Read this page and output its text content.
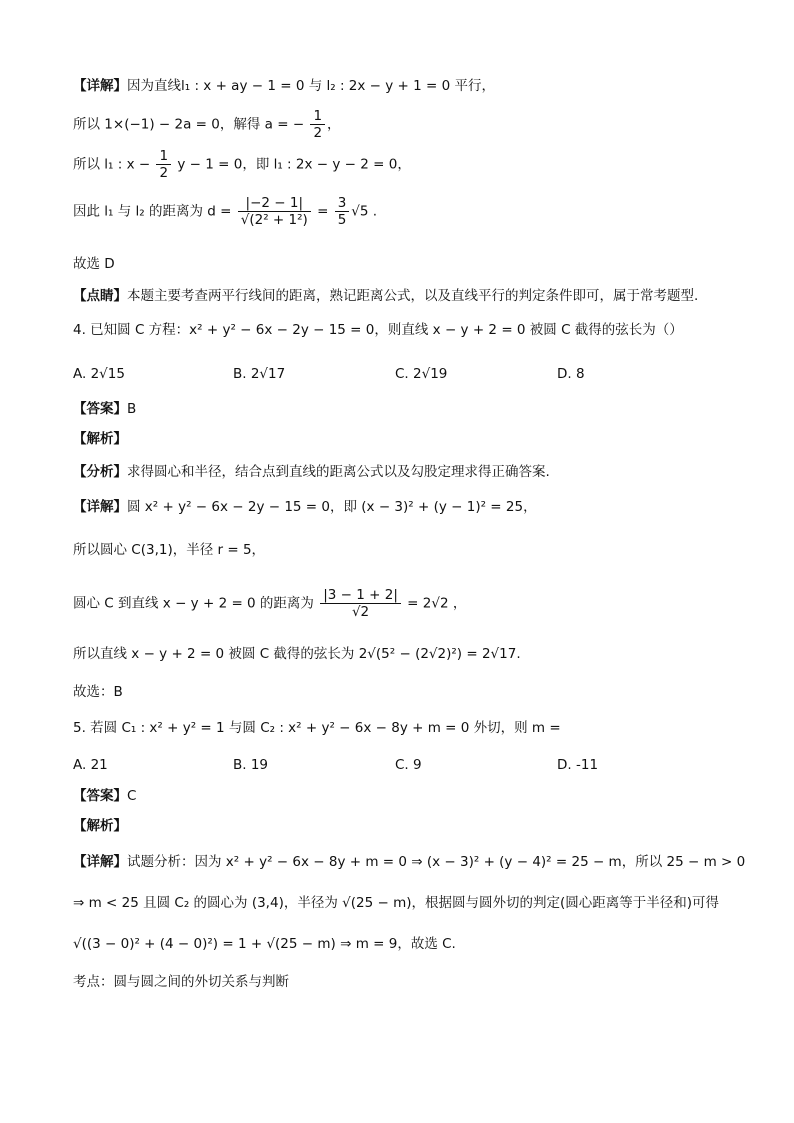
【详解】因为直线l₁ : x + ay − 1 = 0 与 l₂ : 2x − y + 1 = 0 平行，
所以 1×(−1) − 2a = 0，解得 a = − $\frac{1}{2}$ ，
所以 l₁ : $x - \frac{1}{2}$ y − 1 = 0，即 l₁ : 2x − y − 2 = 0，
因此 l₁ 与 l₂ 的距离为 $d = \frac{|-2 - 1|}{\text{√(2² + 1²)}} = \frac{3}{5} √5$ .
故选 D
【点睛】本题主要考查两平行线间的距离，熟记距离公式，以及直线平行的判定条件即可，属于常考题型.
4. 已知圆 C 方程：x² + y² − 6x − 2y − 15 = 0，则直线 x − y + 2 = 0 被圆 C 截得的弦长为（）
A. 2√15	B. 2√17	C. 2√19	D. 8
【答案】B
【解析】
【分析】求得圆心和半径，结合点到直线的距离公式以及勾股定理求得正确答案.
【详解】圆 x² + y² − 6x − 2y − 15 = 0，即 (x − 3)² + (y − 1)² = 25，
所以圆心 C(3,1)，半径 r = 5，
圆心 C 到直线 x − y + 2 = 0 的距离为 $\frac{|3 - 1 + 2|}{√2} = 2√2$ ，
所以直线 x − y + 2 = 0 被圆 C 截得的弦长为 2√(5² − (2√2)²) = 2√17.
故选：B
5. 若圆 C₁ : x² + y² = 1 与圆 C₂ : x² + y² − 6x − 8y + m = 0 外切，则 m =
A. 21	B. 19	C. 9	D. -11
【答案】C
【解析】
【详解】试题分析：因为 x² + y² − 6x − 8y + m = 0 ⇒ (x − 3)² + (y − 4)² = 25 − m，所以 25 − m > 0
⇒ m < 25 且圆 C₂ 的圆心为 (3,4)，半径为 √(25 − m)，根据圆与圆外切的判定(圆心距离等于半径和)可得
√((3 − 0)² + (4 − 0)²) = 1 + √(25 − m) ⇒ m = 9，故选 C.
考点：圆与圆之间的外切关系与判断
